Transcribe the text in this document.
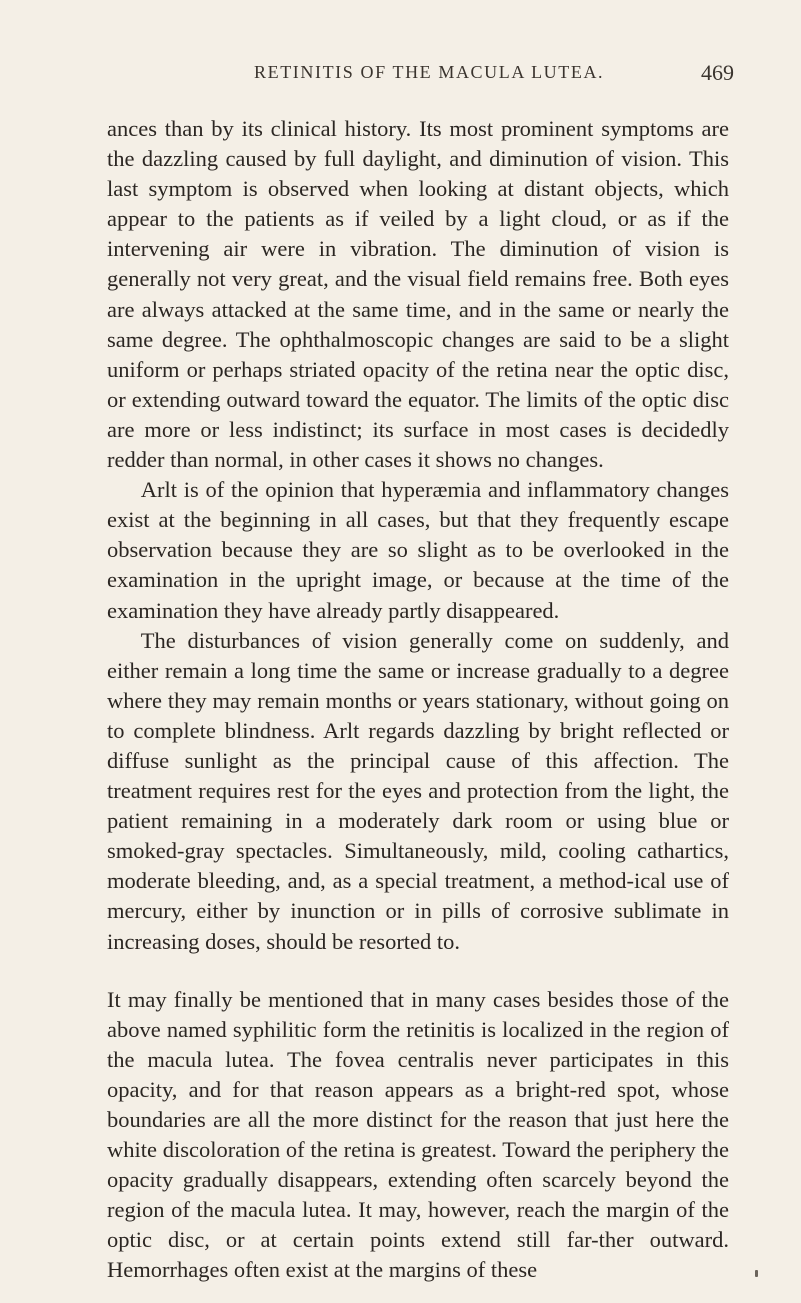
RETINITIS OF THE MACULA LUTEA.	469

ances than by its clinical history. Its most prominent symptoms are the dazzling caused by full daylight, and diminution of vision. This last symptom is observed when looking at distant objects, which appear to the patients as if veiled by a light cloud, or as if the intervening air were in vibration. The diminution of vision is generally not very great, and the visual field remains free. Both eyes are always attacked at the same time, and in the same or nearly the same degree. The ophthalmoscopic changes are said to be a slight uniform or perhaps striated opacity of the retina near the optic disc, or extending outward toward the equator. The limits of the optic disc are more or less indistinct; its surface in most cases is decidedly redder than normal, in other cases it shows no changes.

Arlt is of the opinion that hyperæmia and inflammatory changes exist at the beginning in all cases, but that they frequently escape observation because they are so slight as to be overlooked in the examination in the upright image, or because at the time of the examination they have already partly disappeared.

The disturbances of vision generally come on suddenly, and either remain a long time the same or increase gradually to a degree where they may remain months or years stationary, without going on to complete blindness. Arlt regards dazzling by bright reflected or diffuse sunlight as the principal cause of this affection. The treatment requires rest for the eyes and protection from the light, the patient remaining in a moderately dark room or using blue or smoked-gray spectacles. Simultaneously, mild, cooling cathartics, moderate bleeding, and, as a special treatment, a method-ical use of mercury, either by inunction or in pills of corrosive sublimate in increasing doses, should be resorted to.

It may finally be mentioned that in many cases besides those of the above named syphilitic form the retinitis is localized in the region of the macula lutea. The fovea centralis never participates in this opacity, and for that reason appears as a bright-red spot, whose boundaries are all the more distinct for the reason that just here the white discoloration of the retina is greatest. Toward the periphery the opacity gradually disappears, extending often scarcely beyond the region of the macula lutea. It may, however, reach the margin of the optic disc, or at certain points extend still far-ther outward. Hemorrhages often exist at the margins of these
